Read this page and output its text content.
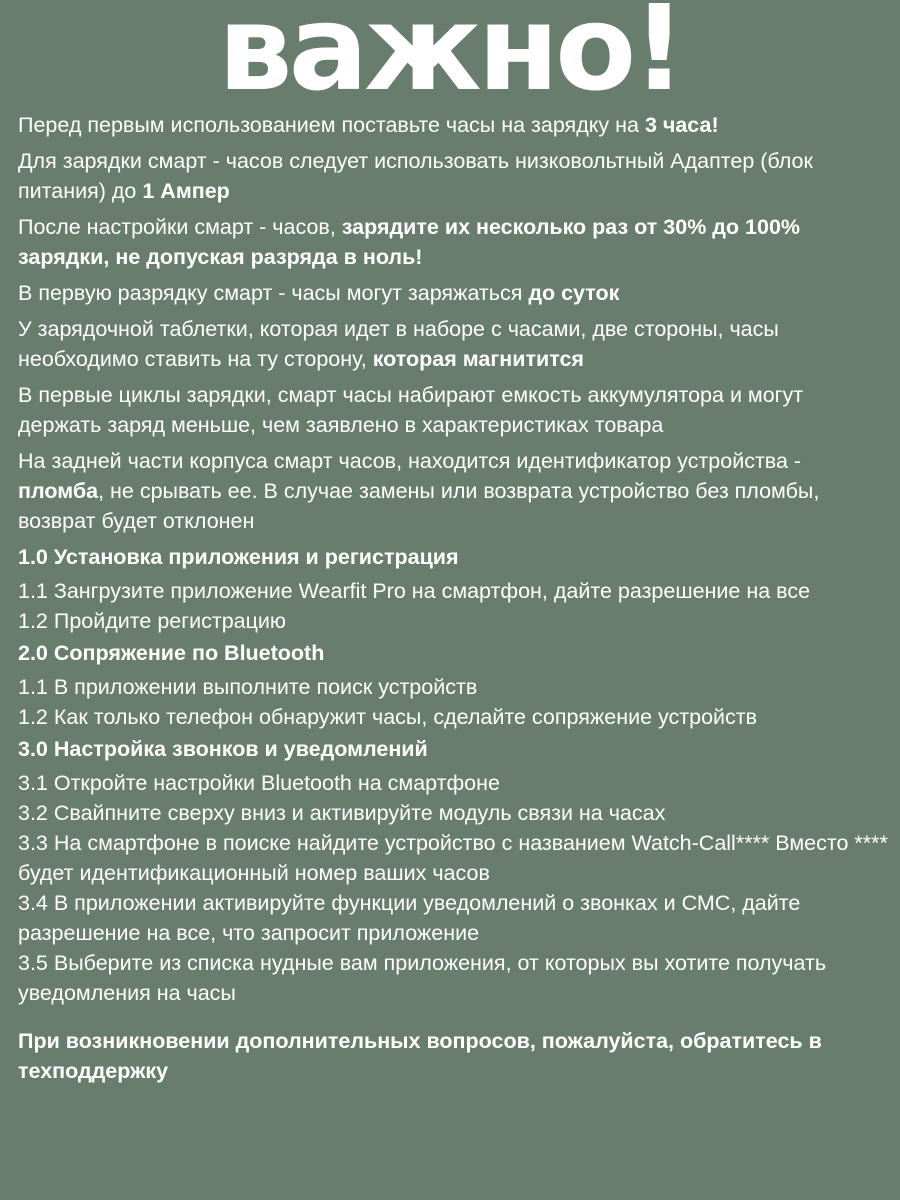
важно!
Перед первым использованием поставьте часы на зарядку на 3 часа!
Для зарядки смарт - часов следует использовать низковольтный Адаптер (блок питания) до 1 Ампер
После настройки смарт - часов, зарядите их несколько раз от 30% до 100% зарядки, не допуская разряда в ноль!
В первую разрядку смарт - часы могут заряжаться до суток
У зарядочной таблетки, которая идет в наборе с часами, две стороны, часы необходимо ставить на ту сторону, которая магнитится
В первые циклы зарядки, смарт часы набирают емкость аккумулятора и могут держать заряд меньше, чем заявлено в характеристиках товара
На задней части корпуса смарт часов, находится идентификатор устройства - пломба, не срывать ее. В случае замены или возврата устройство без пломбы, возврат будет отклонен
1.0 Установка приложения и регистрация
1.1 Зангрузите приложение Wearfit Pro на смартфон, дайте разрешение на все
1.2 Пройдите регистрацию
2.0 Сопряжение по Bluetooth
1.1 В приложении выполните поиск устройств
1.2 Как только телефон обнаружит часы, сделайте сопряжение устройств
3.0 Настройка звонков и уведомлений
3.1 Откройте настройки Bluetooth на смартфоне
3.2 Свайпните сверху вниз и активируйте модуль связи на часах
3.3 На смартфоне в поиске найдите устройство с названием Watch-Call**** Вместо **** будет идентификационный номер ваших часов
3.4 В приложении активируйте функции уведомлений о звонках и СМС, дайте разрешение на все, что запросит приложение
3.5 Выберите из списка нудные вам приложения, от которых вы хотите получать уведомления на часы
При возникновении дополнительных вопросов, пожалуйста, обратитесь в техподдержку
